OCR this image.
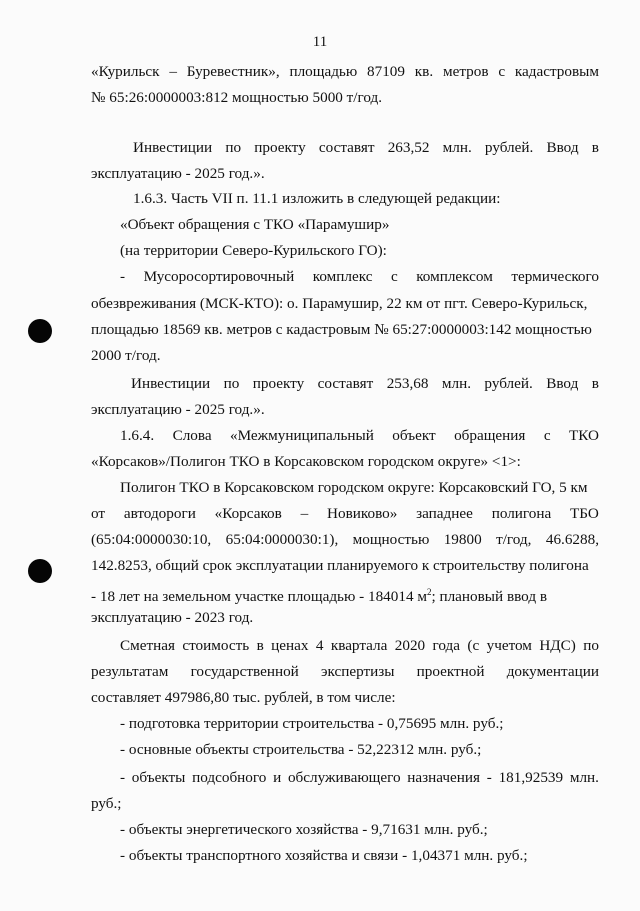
11
«Курильск – Буревестник», площадью 87109 кв. метров с кадастровым
№ 65:26:0000003:812 мощностью 5000 т/год.
Инвестиции по проекту составят 263,52 млн. рублей. Ввод в
эксплуатацию - 2025 год.».
1.6.3. Часть VII п. 11.1 изложить в следующей редакции:
«Объект обращения с ТКО «Парамушир»
(на территории Северо-Курильского ГО):
- Мусоросортировочный комплекс с комплексом термического
обезвреживания (МСК-КТО): о. Парамушир, 22 км от пгт. Северо-Курильск,
площадью 18569 кв. метров с кадастровым № 65:27:0000003:142 мощностью
2000 т/год.
Инвестиции по проекту составят 253,68 млн. рублей. Ввод в
эксплуатацию - 2025 год.».
1.6.4. Слова «Межмуниципальный объект обращения с ТКО
«Корсаков»/Полигон ТКО в Корсаковском городском округе» <1>:
Полигон ТКО в Корсаковском городском округе: Корсаковский ГО, 5 км
от автодороги «Корсаков – Новиково» западнее полигона ТБО
(65:04:0000030:10, 65:04:0000030:1), мощностью 19800 т/год, 46.6288,
142.8253, общий срок эксплуатации планируемого к строительству полигона
- 18 лет на земельном участке площадью - 184014 $м^2$; плановый ввод в
эксплуатацию - 2023 год.
Сметная стоимость в ценах 4 квартала 2020 года (с учетом НДС) по
результатам государственной экспертизы проектной документации
составляет 497986,80 тыс. рублей, в том числе:
- подготовка территории строительства - 0,75695 млн. руб.;
- основные объекты строительства - 52,22312 млн. руб.;
- объекты подсобного и обслуживающего назначения - 181,92539 млн.
руб.;
- объекты энергетического хозяйства - 9,71631 млн. руб.;
- объекты транспортного хозяйства и связи - 1,04371 млн. руб.;
